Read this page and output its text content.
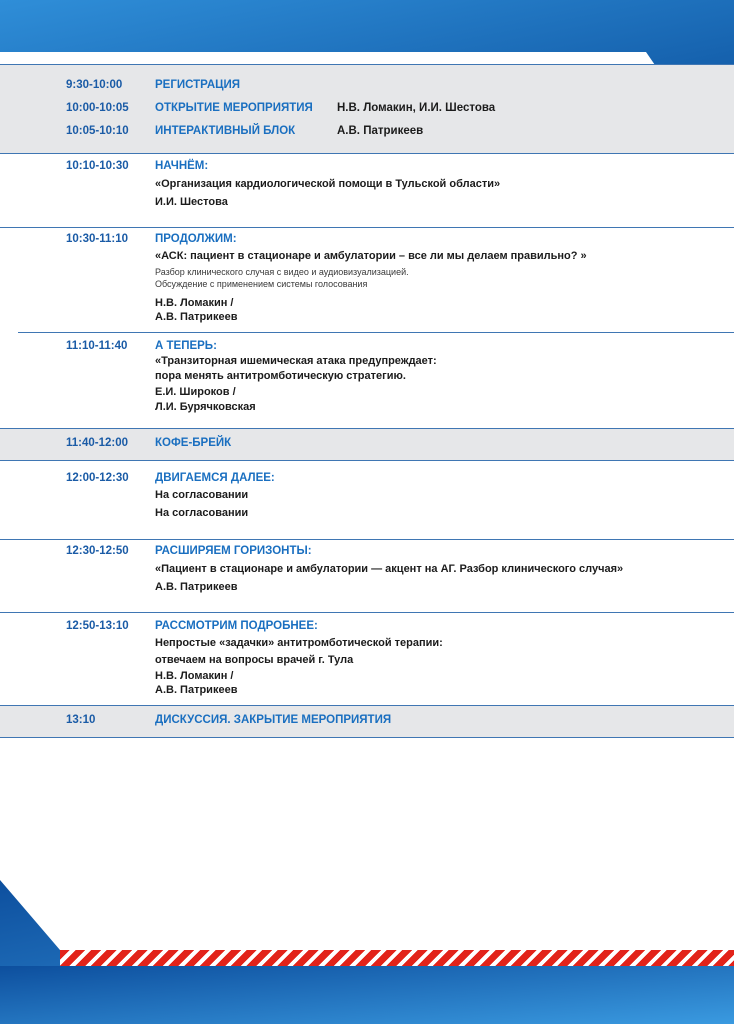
9:30-10:00	РЕГИСТРАЦИЯ
10:00-10:05 ОТКРЫТИЕ МЕРОПРИЯТИЯ Н.В. Ломакин, И.И. Шестова
10:05-10:10 ИНТЕРАКТИВНЫЙ БЛОК	А.В. Патрикеев
10:10-10:30 НАЧНЁМ:
«Организация кардиологической помощи в Тульской области»
И.И. Шестова
10:30-11:10 ПРОДОЛЖИМ:
«АСК: пациент в стационаре и амбулатории – все ли мы делаем правильно? »
Разбор клинического случая с видео и аудиовизуализацией.
Обсуждение с применением системы голосования
Н.В. Ломакин /
А.В. Патрикеев
11:10-11:40 А ТЕПЕРЬ:
«Транзиторная ишемическая атака предупреждает:
пора менять антитромботическую стратегию.
Е.И. Широков /
Л.И. Бурячковская
11:40-12:00 КОФЕ-БРЕЙК
12:00-12:30 ДВИГАЕМСЯ ДАЛЕЕ:
На согласовании
На согласовании
12:30-12:50 РАСШИРЯЕМ ГОРИЗОНТЫ:
«Пациент в стационаре и амбулатории — акцент на АГ. Разбор клинического случая»
А.В. Патрикеев
12:50-13:10 РАССМОТРИМ ПОДРОБНЕЕ:
Непростые «задачки» антитромботической терапии:
отвечаем на вопросы врачей г. Тула
Н.В. Ломакин /
А.В. Патрикеев
13:10	ДИСКУССИЯ. ЗАКРЫТИЕ МЕРОПРИЯТИЯ
